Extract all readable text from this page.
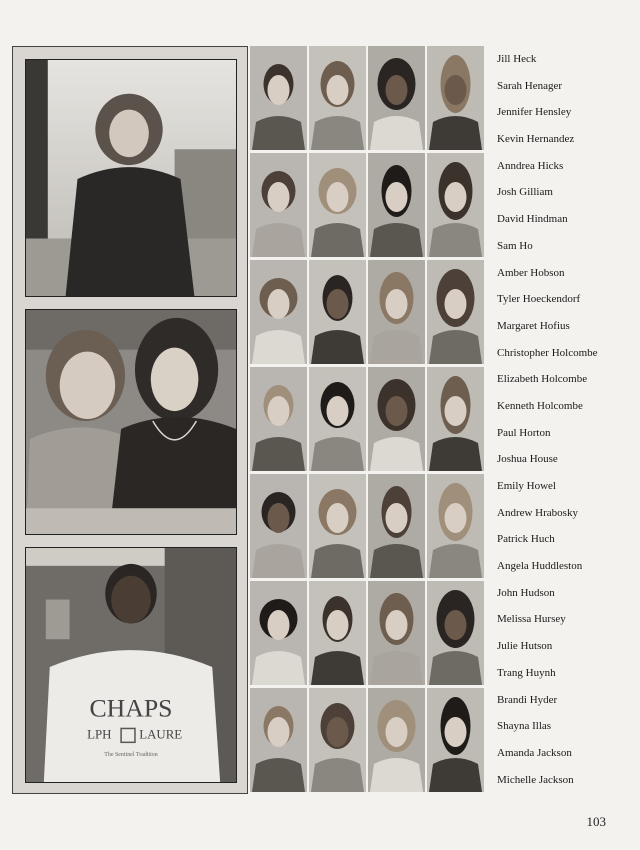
CHAPS
LPH LAURE
The Sentinel Tradition
Jill Heck
Sarah Henager
Jennifer Hensley
Kevin Hernandez
Anndrea Hicks
Josh Gilliam
David Hindman
Sam Ho
Amber Hobson
Tyler Hoeckendorf
Margaret Hofius
Christopher Holcombe
Elizabeth Holcombe
Kenneth Holcombe
Paul Horton
Joshua House
Emily Howel
Andrew Hrabosky
Patrick Huch
Angela Huddleston
John Hudson
Melissa Hursey
Julie Hutson
Trang Huynh
Brandi Hyder
Shayna Illas
Amanda Jackson
Michelle Jackson
103
